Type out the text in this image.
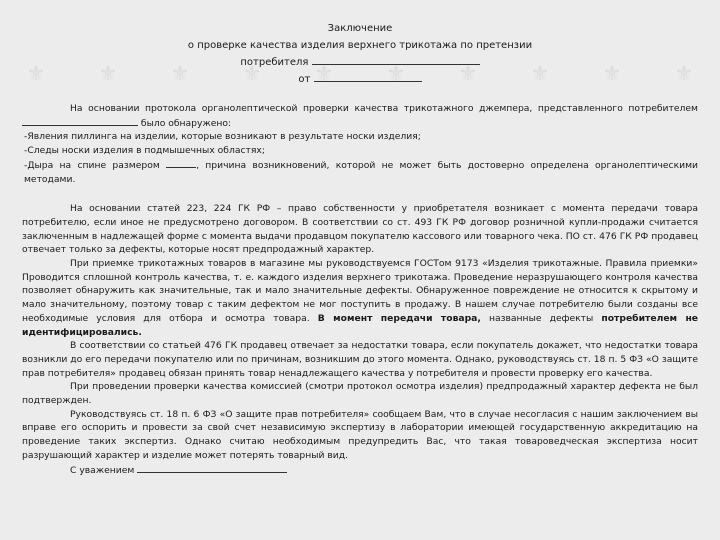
⚜ ⚜ ⚜ ⚜ ⚜ ⚜ ⚜ ⚜ ⚜ ⚜
Заключение
о проверке качества изделия верхнего трикотажа по претензии
потребителя
от

На основании протокола органолептической проверки качества трикотажного джемпера, представленного потребителем  было обнаружено:

-Явления пиллинга на изделии, которые возникают в результате носки изделия;

-Следы носки изделия в подмышечных областях;

-Дыра на спине размером	, причина возникновений, которой не может быть достоверно определена органолептическими методами.

На основании статей 223, 224 ГК РФ – право собственности у приобретателя возникает с момента передачи товара потребителю, если иное не предусмотрено договором. В соответствии со ст. 493 ГК РФ договор розничной купли-продажи считается заключенным в надлежащей форме с момента выдачи продавцом покупателю кассового или товарного чека. ПО ст. 476 ГК РФ продавец отвечает только за дефекты, которые носят предпродажный характер.

При приемке трикотажных товаров в магазине мы руководствуемся ГОСТом 9173 «Изделия трикотажные. Правила приемки» Проводится сплошной контроль качества, т. е. каждого изделия верхнего трикотажа. Проведение неразрушающего контроля качества позволяет обнаружить как значительные, так и мало значительные дефекты. Обнаруженное повреждение не относится к скрытому и мало значительному, поэтому товар с таким дефектом не мог поступить в продажу. В нашем случае потребителю были созданы все необходимые условия для отбора и осмотра товара. В момент передачи товара, названные дефекты потребителем не идентифицировались.

В соответствии со статьей 476 ГК продавец отвечает за недостатки товара, если покупатель докажет, что недостатки товара возникли до его передачи покупателю или по причинам, возникшим до этого момента. Однако, руководствуясь ст. 18 п. 5 ФЗ «О защите прав потребителя» продавец обязан принять товар ненадлежащего качества у потребителя и провести проверку его качества.

При проведении проверки качества комиссией (смотри протокол осмотра изделия) предпродажный характер дефекта не был подтвержден.

Руководствуясь ст. 18 п. 6 ФЗ «О защите прав потребителя» сообщаем Вам, что в случае несогласия с нашим заключением вы вправе его оспорить и провести за свой счет независимую экспертизу в лаборатории имеющей государственную аккредитацию на проведение таких экспертиз. Однако считаю необходимым предупредить Вас, что такая товароведческая экспертиза носит разрушающий характер и изделие может потерять товарный вид.

С уважением
